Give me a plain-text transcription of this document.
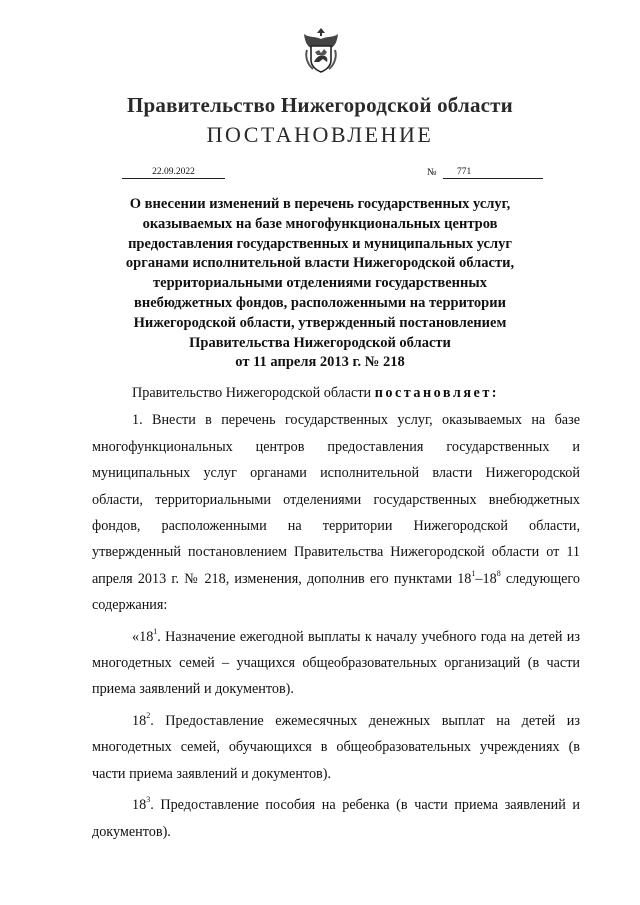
Правительство Нижегородской области
ПОСТАНОВЛЕНИЕ
22.09.2022	№	771
О внесении изменений в перечень государственных услуг,
оказываемых на базе многофункциональных центров
предоставления государственных и муниципальных услуг
органами исполнительной власти Нижегородской области,
территориальными отделениями государственных
внебюджетных фондов, расположенными на территории
Нижегородской области, утвержденный постановлением
Правительства Нижегородской области
от 11 апреля 2013 г. № 218

Правительство Нижегородской области постановляет:

1. Внести в перечень государственных услуг, оказываемых на базе многофункциональных центров предоставления государственных и муниципальных услуг органами исполнительной власти Нижегородской области, территориальными отделениями государственных внебюджетных фондов, расположенными на территории Нижегородской области, утвержденный постановлением Правительства Нижегородской области от 11 апреля 2013 г. № 218, изменения, дополнив его пунктами $18^1-18^8$ следующего содержания:

«$18^1$. Назначение ежегодной выплаты к началу учебного года на детей из многодетных семей – учащихся общеобразовательных организаций (в части приема заявлений и документов).

$18^2$. Предоставление ежемесячных денежных выплат на детей из многодетных семей, обучающихся в общеобразовательных учреждениях (в части приема заявлений и документов).

$18^3$. Предоставление пособия на ребенка (в части приема заявлений и документов).
